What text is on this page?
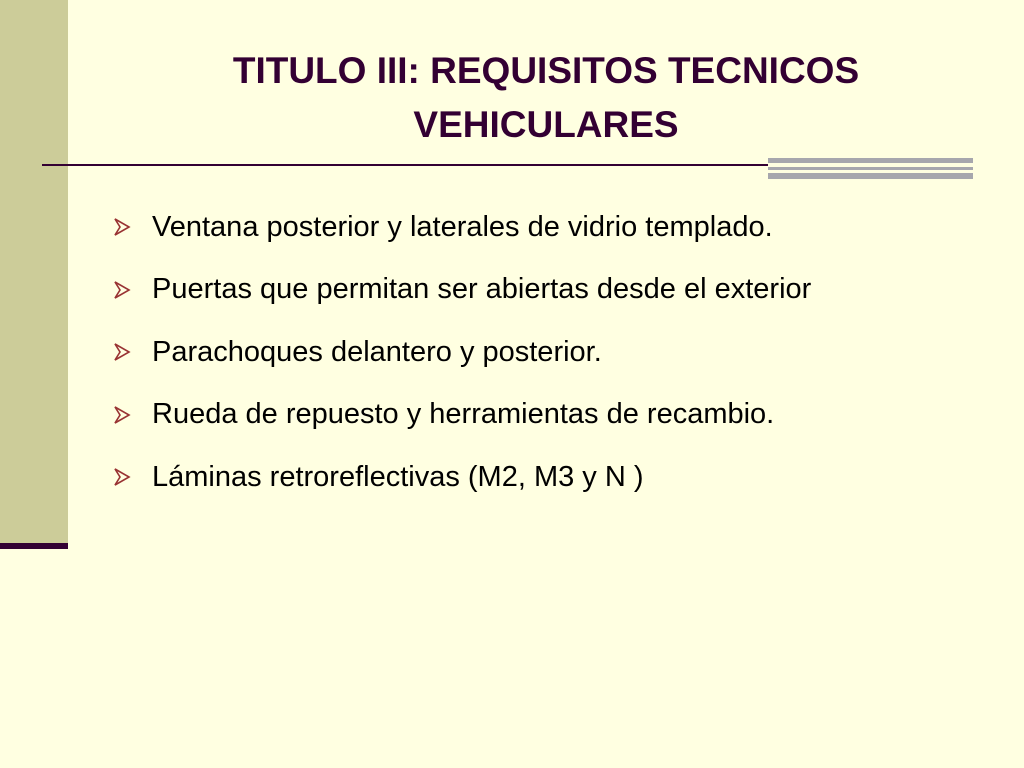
TITULO III: REQUISITOS TECNICOS
VEHICULARES
Ventana posterior y laterales de vidrio templado.
Puertas que permitan ser abiertas desde el exterior
Parachoques delantero y posterior.
Rueda de repuesto y herramientas de recambio.
Láminas retroreflectivas (M2, M3 y N )
